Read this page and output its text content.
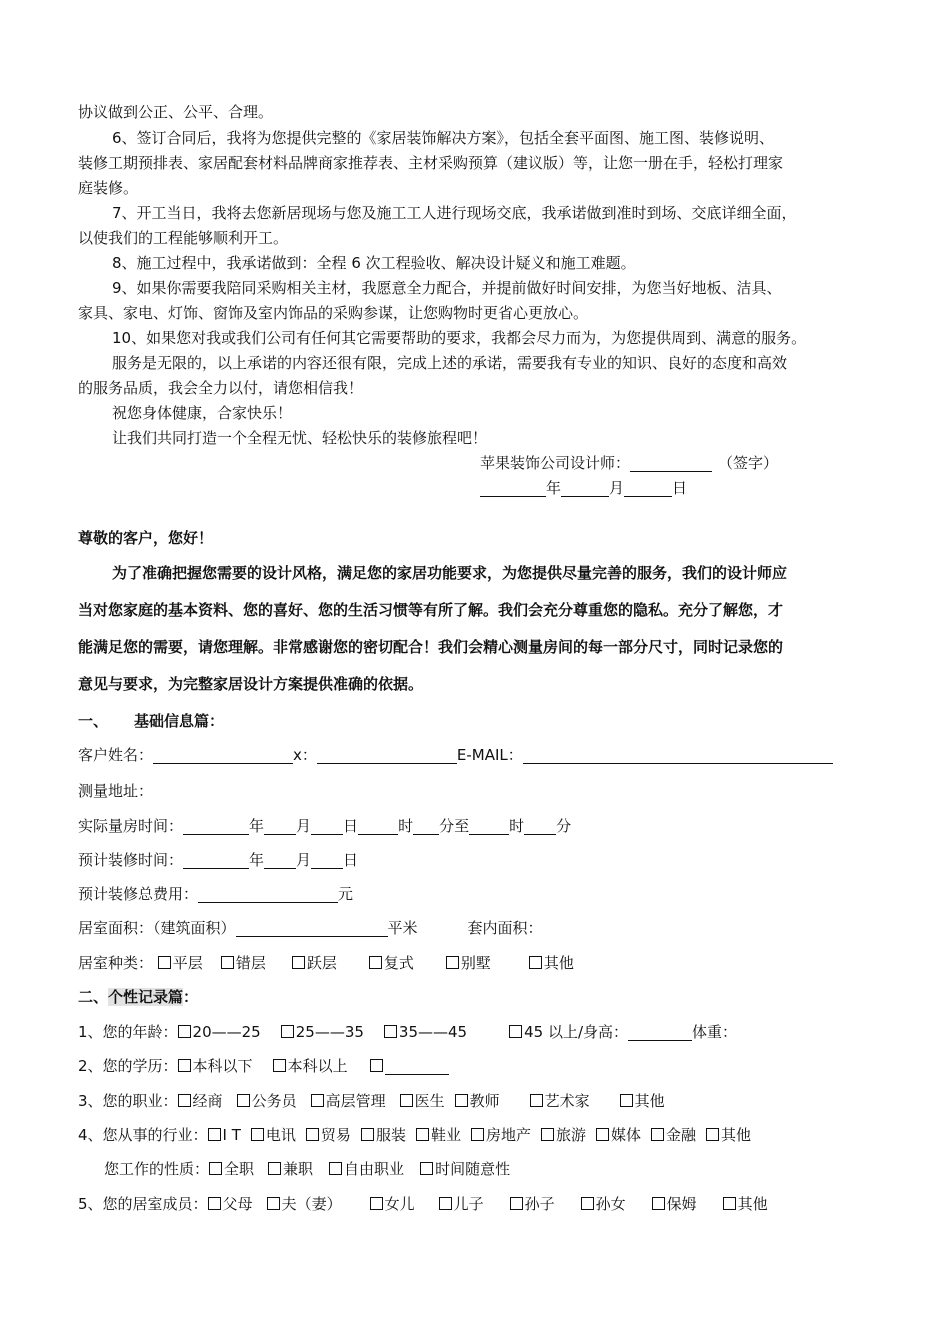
协议做到公正、公平、合理。
6、签订合同后，我将为您提供完整的《家居装饰解决方案》，包括全套平面图、施工图、装修说明、
装修工期预排表、家居配套材料品牌商家推荐表、主材采购预算（建议版）等，让您一册在手，轻松打理家
庭装修。
7、开工当日，我将去您新居现场与您及施工工人进行现场交底，我承诺做到准时到场、交底详细全面，
以使我们的工程能够顺利开工。
8、施工过程中，我承诺做到：全程 6 次工程验收、解决设计疑义和施工难题。
9、如果你需要我陪同采购相关主材，我愿意全力配合，并提前做好时间安排，为您当好地板、洁具、
家具、家电、灯饰、窗饰及室内饰品的采购参谋，让您购物时更省心更放心。
10、如果您对我或我们公司有任何其它需要帮助的要求，我都会尽力而为，为您提供周到、满意的服务。
服务是无限的，以上承诺的内容还很有限，完成上述的承诺，需要我有专业的知识、良好的态度和高效
的服务品质，我会全力以付，请您相信我！
祝您身体健康，合家快乐！
让我们共同打造一个全程无忧、轻松快乐的装修旅程吧！
苹果装饰公司设计师：	（签字）
年	月	日
尊敬的客户，您好！
为了准确把握您需要的设计风格，满足您的家居功能要求，为您提供尽量完善的服务，我们的设计师应
当对您家庭的基本资料、您的喜好、您的生活习惯等有所了解。我们会充分尊重您的隐私。充分了解您，才
能满足您的需要，请您理解。非常感谢您的密切配合！我们会精心测量房间的每一部分尺寸，同时记录您的
意见与要求，为完整家居设计方案提供准确的依据。
一、 基础信息篇：
客户姓名：	x：	E-MAIL：
测量地址：
实际量房时间：	年 月 日	时 分至	时 分
预计装修时间：	年 月 日
预计装修总费用：	元
居室面积：（建筑面积）	平米	套内面积：
居室种类： 平层 错层	跃层	复式	别墅	其他
二、个性记录篇：
1、您的年龄： 20——25 25——35 35——45	45 以上/身高：	体重：
2、您的学历： 本科以下 本科以上
3、您的职业： 经商 公务员 高层管理 医生 教师	艺术家	其他
4、您从事的行业： I T 电讯 贸易 服装 鞋业 房地产 旅游 媒体 金融 其他
您工作的性质： 全职 兼职 自由职业 时间随意性
5、您的居室成员： 父母 夫（妻）	女儿	儿子	孙子	孙女	保姆	其他
